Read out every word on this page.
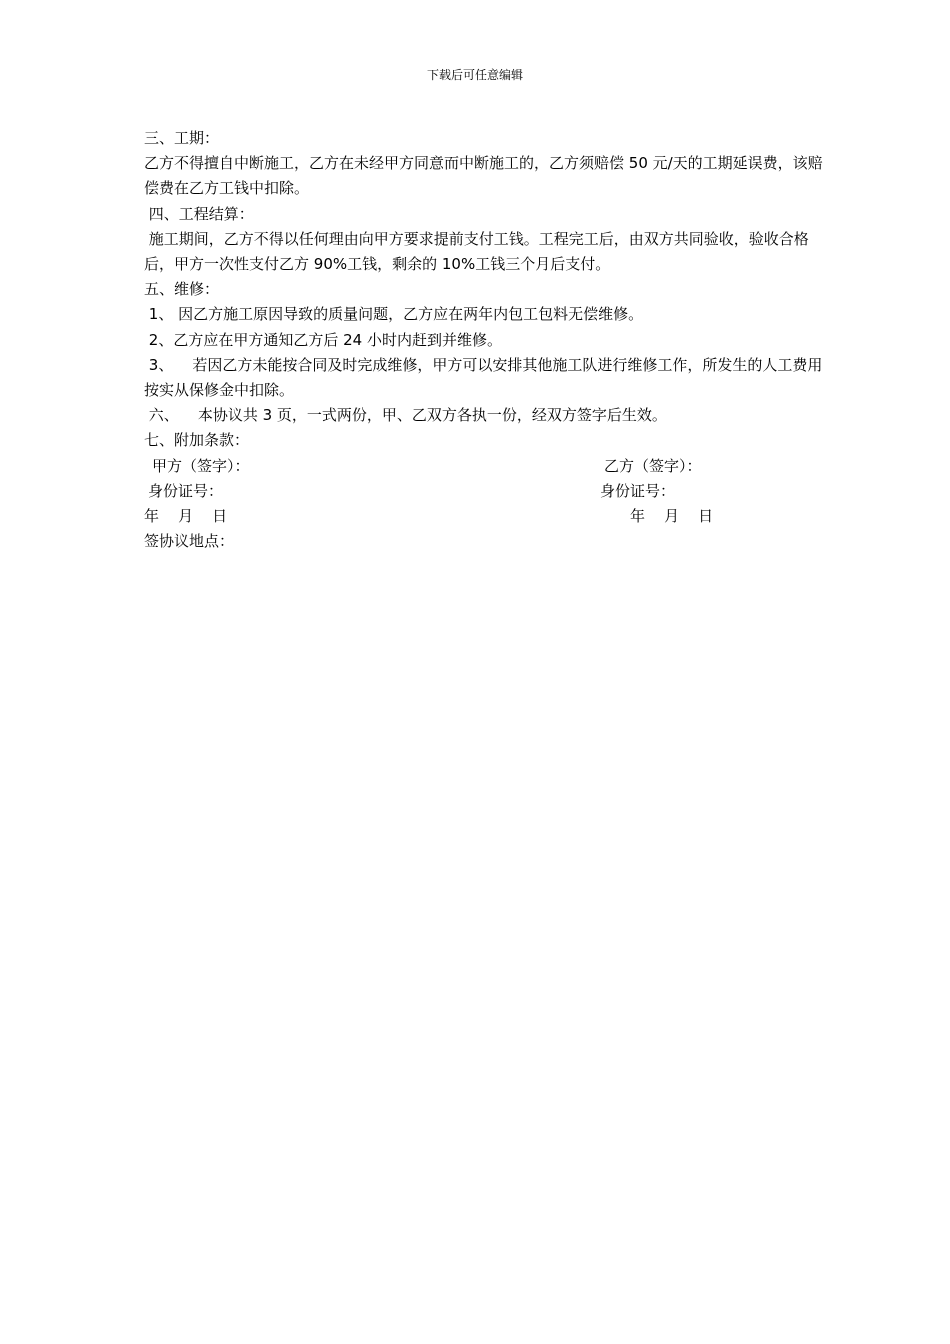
下载后可任意编辑

三、工期：

乙方不得擅自中断施工，乙方在未经甲方同意而中断施工的，乙方须赔偿 50 元/天的工期延误费，该赔偿费在乙方工钱中扣除。

四、工程结算：

施工期间，乙方不得以任何理由向甲方要求提前支付工钱。工程完工后，由双方共同验收，验收合格后，甲方一次性支付乙方 90%工钱，剩余的 10%工钱三个月后支付。

五、维修：

1、 因乙方施工原因导致的质量问题，乙方应在两年内包工包料无偿维修。

2、乙方应在甲方通知乙方后 24 小时内赶到并维修。

3、    若因乙方未能按合同及时完成维修，甲方可以安排其他施工队进行维修工作，所发生的人工费用按实从保修金中扣除。

六、    本协议共 3 页，一式两份，甲、乙双方各执一份，经双方签字后生效。

七、附加条款：

甲方（签字）：	乙方（签字）：
身份证号：	身份证号：
年    月    日	年    月    日

签协议地点：
